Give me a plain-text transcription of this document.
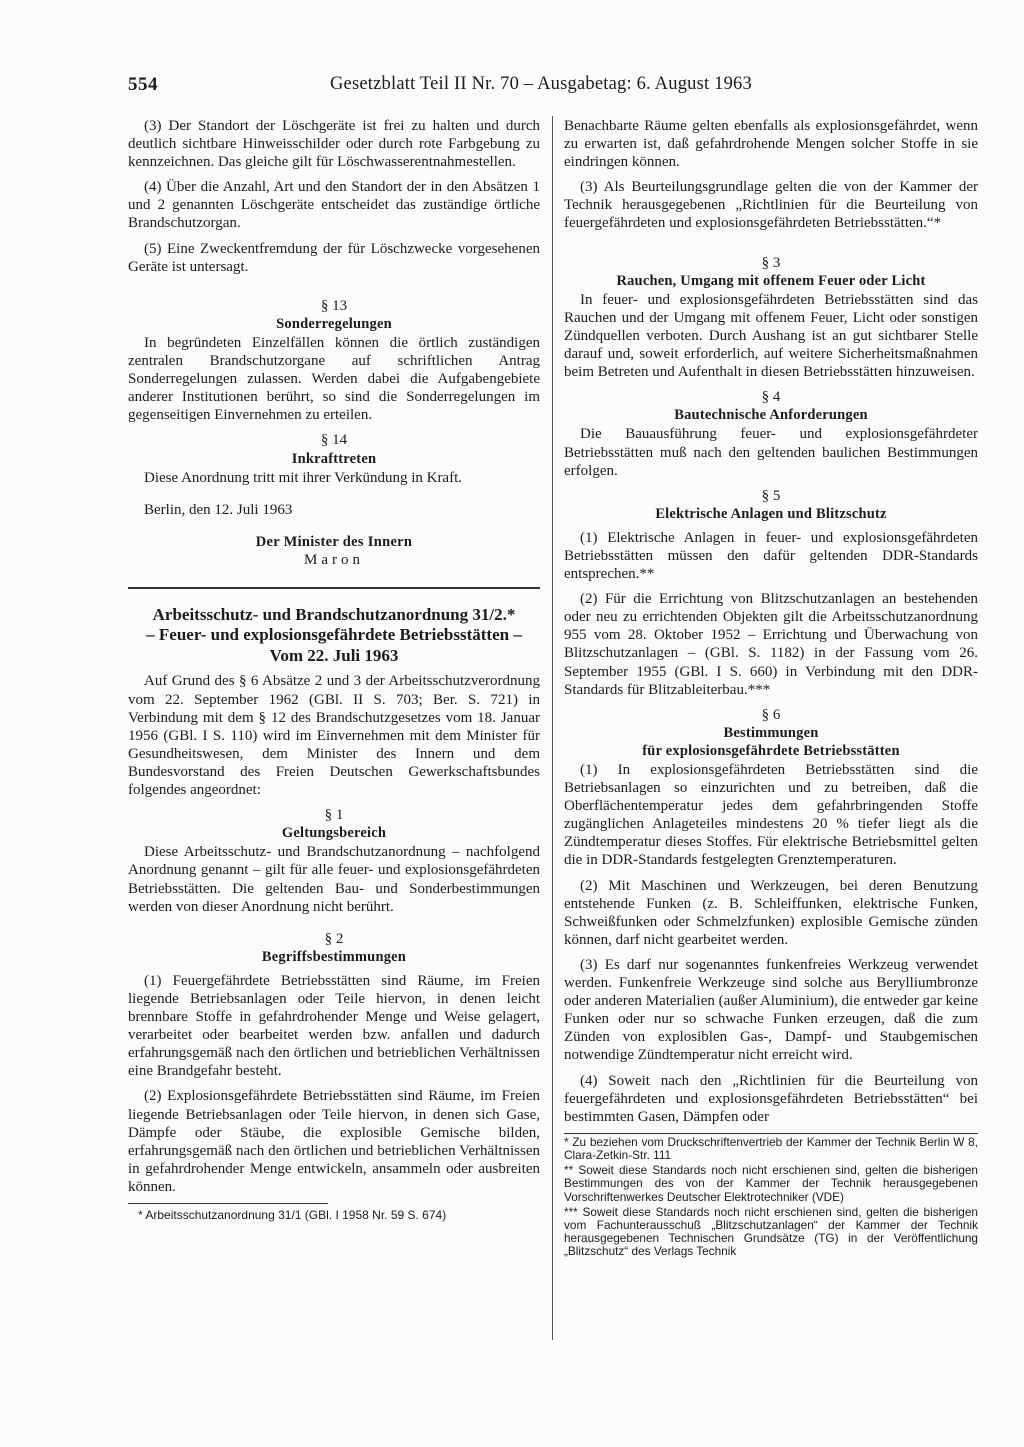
554	Gesetzblatt Teil II Nr. 70 – Ausgabetag: 6. August 1963

(3) Der Standort der Löschgeräte ist frei zu halten und durch deutlich sichtbare Hinweisschilder oder durch rote Farbgebung zu kennzeichnen. Das gleiche gilt für Löschwasserentnahmestellen.

(4) Über die Anzahl, Art und den Standort der in den Absätzen 1 und 2 genannten Löschgeräte entscheidet das zuständige örtliche Brandschutzorgan.

(5) Eine Zweckentfremdung der für Löschzwecke vorgesehenen Geräte ist untersagt.

§ 13

Sonderregelungen

In begründeten Einzelfällen können die örtlich zuständigen zentralen Brandschutzorgane auf schriftlichen Antrag Sonderregelungen zulassen. Werden dabei die Aufgabengebiete anderer Institutionen berührt, so sind die Sonderregelungen im gegenseitigen Einvernehmen zu erteilen.

§ 14

Inkrafttreten

Diese Anordnung tritt mit ihrer Verkündung in Kraft.

Berlin, den 12. Juli 1963

Der Minister des Innern

Maron

Arbeitsschutz- und Brandschutzanordnung 31/2.*

– Feuer- und explosionsgefährdete Betriebsstätten –

Vom 22. Juli 1963

Auf Grund des § 6 Absätze 2 und 3 der Arbeitsschutzverordnung vom 22. September 1962 (GBl. II S. 703; Ber. S. 721) in Verbindung mit dem § 12 des Brandschutzgesetzes vom 18. Januar 1956 (GBl. I S. 110) wird im Einvernehmen mit dem Minister für Gesundheitswesen, dem Minister des Innern und dem Bundesvorstand des Freien Deutschen Gewerkschaftsbundes folgendes angeordnet:

§ 1

Geltungsbereich

Diese Arbeitsschutz- und Brandschutzanordnung – nachfolgend Anordnung genannt – gilt für alle feuer- und explosionsgefährdeten Betriebsstätten. Die geltenden Bau- und Sonderbestimmungen werden von dieser Anordnung nicht berührt.

§ 2

Begriffsbestimmungen

(1) Feuergefährdete Betriebsstätten sind Räume, im Freien liegende Betriebsanlagen oder Teile hiervon, in denen leicht brennbare Stoffe in gefahrdrohender Menge und Weise gelagert, verarbeitet oder bearbeitet werden bzw. anfallen und dadurch erfahrungsgemäß nach den örtlichen und betrieblichen Verhältnissen eine Brandgefahr besteht.

(2) Explosionsgefährdete Betriebsstätten sind Räume, im Freien liegende Betriebsanlagen oder Teile hiervon, in denen sich Gase, Dämpfe oder Stäube, die explosible Gemische bilden, erfahrungsgemäß nach den örtlichen und betrieblichen Verhältnissen in gefahrdrohender Menge entwickeln, ansammeln oder ausbreiten können.

* Arbeitsschutzanordnung 31/1 (GBl. I 1958 Nr. 59 S. 674)

Benachbarte Räume gelten ebenfalls als explosionsgefährdet, wenn zu erwarten ist, daß gefahrdrohende Mengen solcher Stoffe in sie eindringen können.

(3) Als Beurteilungsgrundlage gelten die von der Kammer der Technik herausgegebenen „Richtlinien für die Beurteilung von feuergefährdeten und explosionsgefährdeten Betriebsstätten.“*

§ 3

Rauchen, Umgang mit offenem Feuer oder Licht

In feuer- und explosionsgefährdeten Betriebsstätten sind das Rauchen und der Umgang mit offenem Feuer, Licht oder sonstigen Zündquellen verboten. Durch Aushang ist an gut sichtbarer Stelle darauf und, soweit erforderlich, auf weitere Sicherheitsmaßnahmen beim Betreten und Aufenthalt in diesen Betriebsstätten hinzuweisen.

§ 4

Bautechnische Anforderungen

Die Bauausführung feuer- und explosionsgefährdeter Betriebsstätten muß nach den geltenden baulichen Bestimmungen erfolgen.

§ 5

Elektrische Anlagen und Blitzschutz

(1) Elektrische Anlagen in feuer- und explosionsgefährdeten Betriebsstätten müssen den dafür geltenden DDR-Standards entsprechen.**

(2) Für die Errichtung von Blitzschutzanlagen an bestehenden oder neu zu errichtenden Objekten gilt die Arbeitsschutzanordnung 955 vom 28. Oktober 1952 – Errichtung und Überwachung von Blitzschutzanlagen – (GBl. S. 1182) in der Fassung vom 26. September 1955 (GBl. I S. 660) in Verbindung mit den DDR-Standards für Blitzableiterbau.***

§ 6

Bestimmungen

für explosionsgefährdete Betriebsstätten

(1) In explosionsgefährdeten Betriebsstätten sind die Betriebsanlagen so einzurichten und zu betreiben, daß die Oberflächentemperatur jedes dem gefahrbringenden Stoffe zugänglichen Anlageteiles mindestens 20 % tiefer liegt als die Zündtemperatur dieses Stoffes. Für elektrische Betriebsmittel gelten die in DDR-Standards festgelegten Grenztemperaturen.

(2) Mit Maschinen und Werkzeugen, bei deren Benutzung entstehende Funken (z. B. Schleiffunken, elektrische Funken, Schweißfunken oder Schmelzfunken) explosible Gemische zünden können, darf nicht gearbeitet werden.

(3) Es darf nur sogenanntes funkenfreies Werkzeug verwendet werden. Funkenfreie Werkzeuge sind solche aus Berylliumbronze oder anderen Materialien (außer Aluminium), die entweder gar keine Funken oder nur so schwache Funken erzeugen, daß die zum Zünden von explosiblen Gas-, Dampf- und Staubgemischen notwendige Zündtemperatur nicht erreicht wird.

(4) Soweit nach den „Richtlinien für die Beurteilung von feuergefährdeten und explosionsgefährdeten Betriebsstätten“ bei bestimmten Gasen, Dämpfen oder

* Zu beziehen vom Druckschriftenvertrieb der Kammer der Technik Berlin W 8, Clara-Zetkin-Str. 111

** Soweit diese Standards noch nicht erschienen sind, gelten die bisherigen Bestimmungen des von der Kammer der Technik herausgegebenen Vorschriftenwerkes Deutscher Elektrotechniker (VDE)

*** Soweit diese Standards noch nicht erschienen sind, gelten die bisherigen vom Fachunterausschuß „Blitzschutzanlagen“ der Kammer der Technik herausgegebenen Technischen Grundsätze (TG) in der Veröffentlichung „Blitzschutz“ des Verlags Technik
